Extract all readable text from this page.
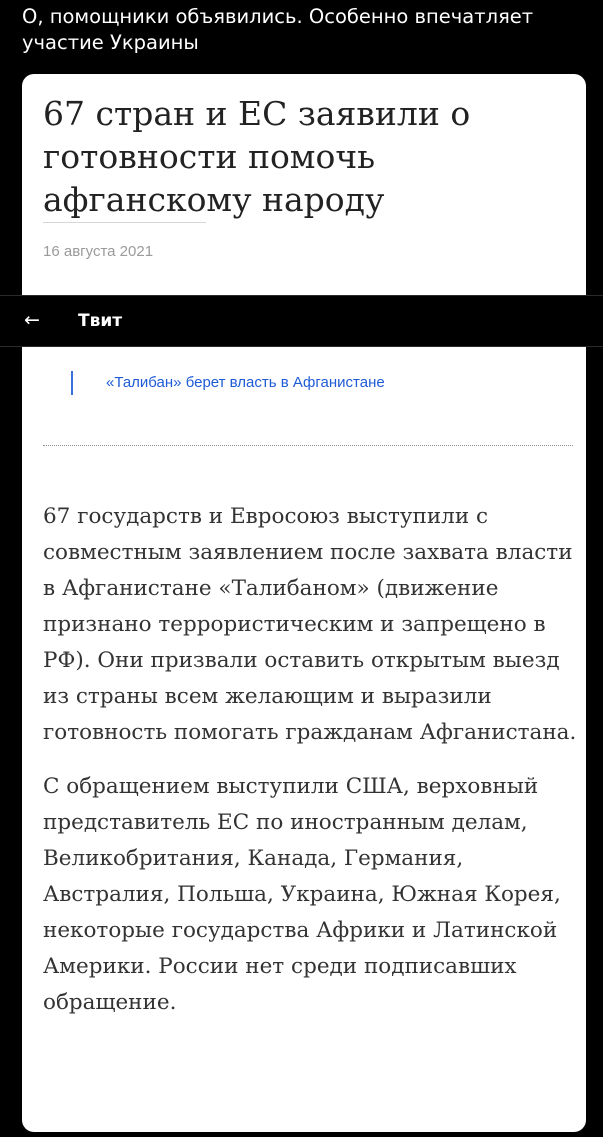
О, помощники объявились. Особенно впечатляет участие Украины
67 стран и ЕС заявили о готовности помочь афганскому народу
16 августа 2021
← Твит
«Талибан» берет власть в Афганистане

67 государств и Евросоюз выступили с совместным заявлением после захвата власти в Афганистане «Талибаном» (движение признано террористическим и запрещено в РФ). Они призвали оставить открытым выезд из страны всем желающим и выразили готовность помогать гражданам Афганистана.

С обращением выступили США, верховный представитель ЕС по иностранным делам, Великобритания, Канада, Германия, Австралия, Польша, Украина, Южная Корея, некоторые государства Африки и Латинской Америки. России нет среди подписавших обращение.
